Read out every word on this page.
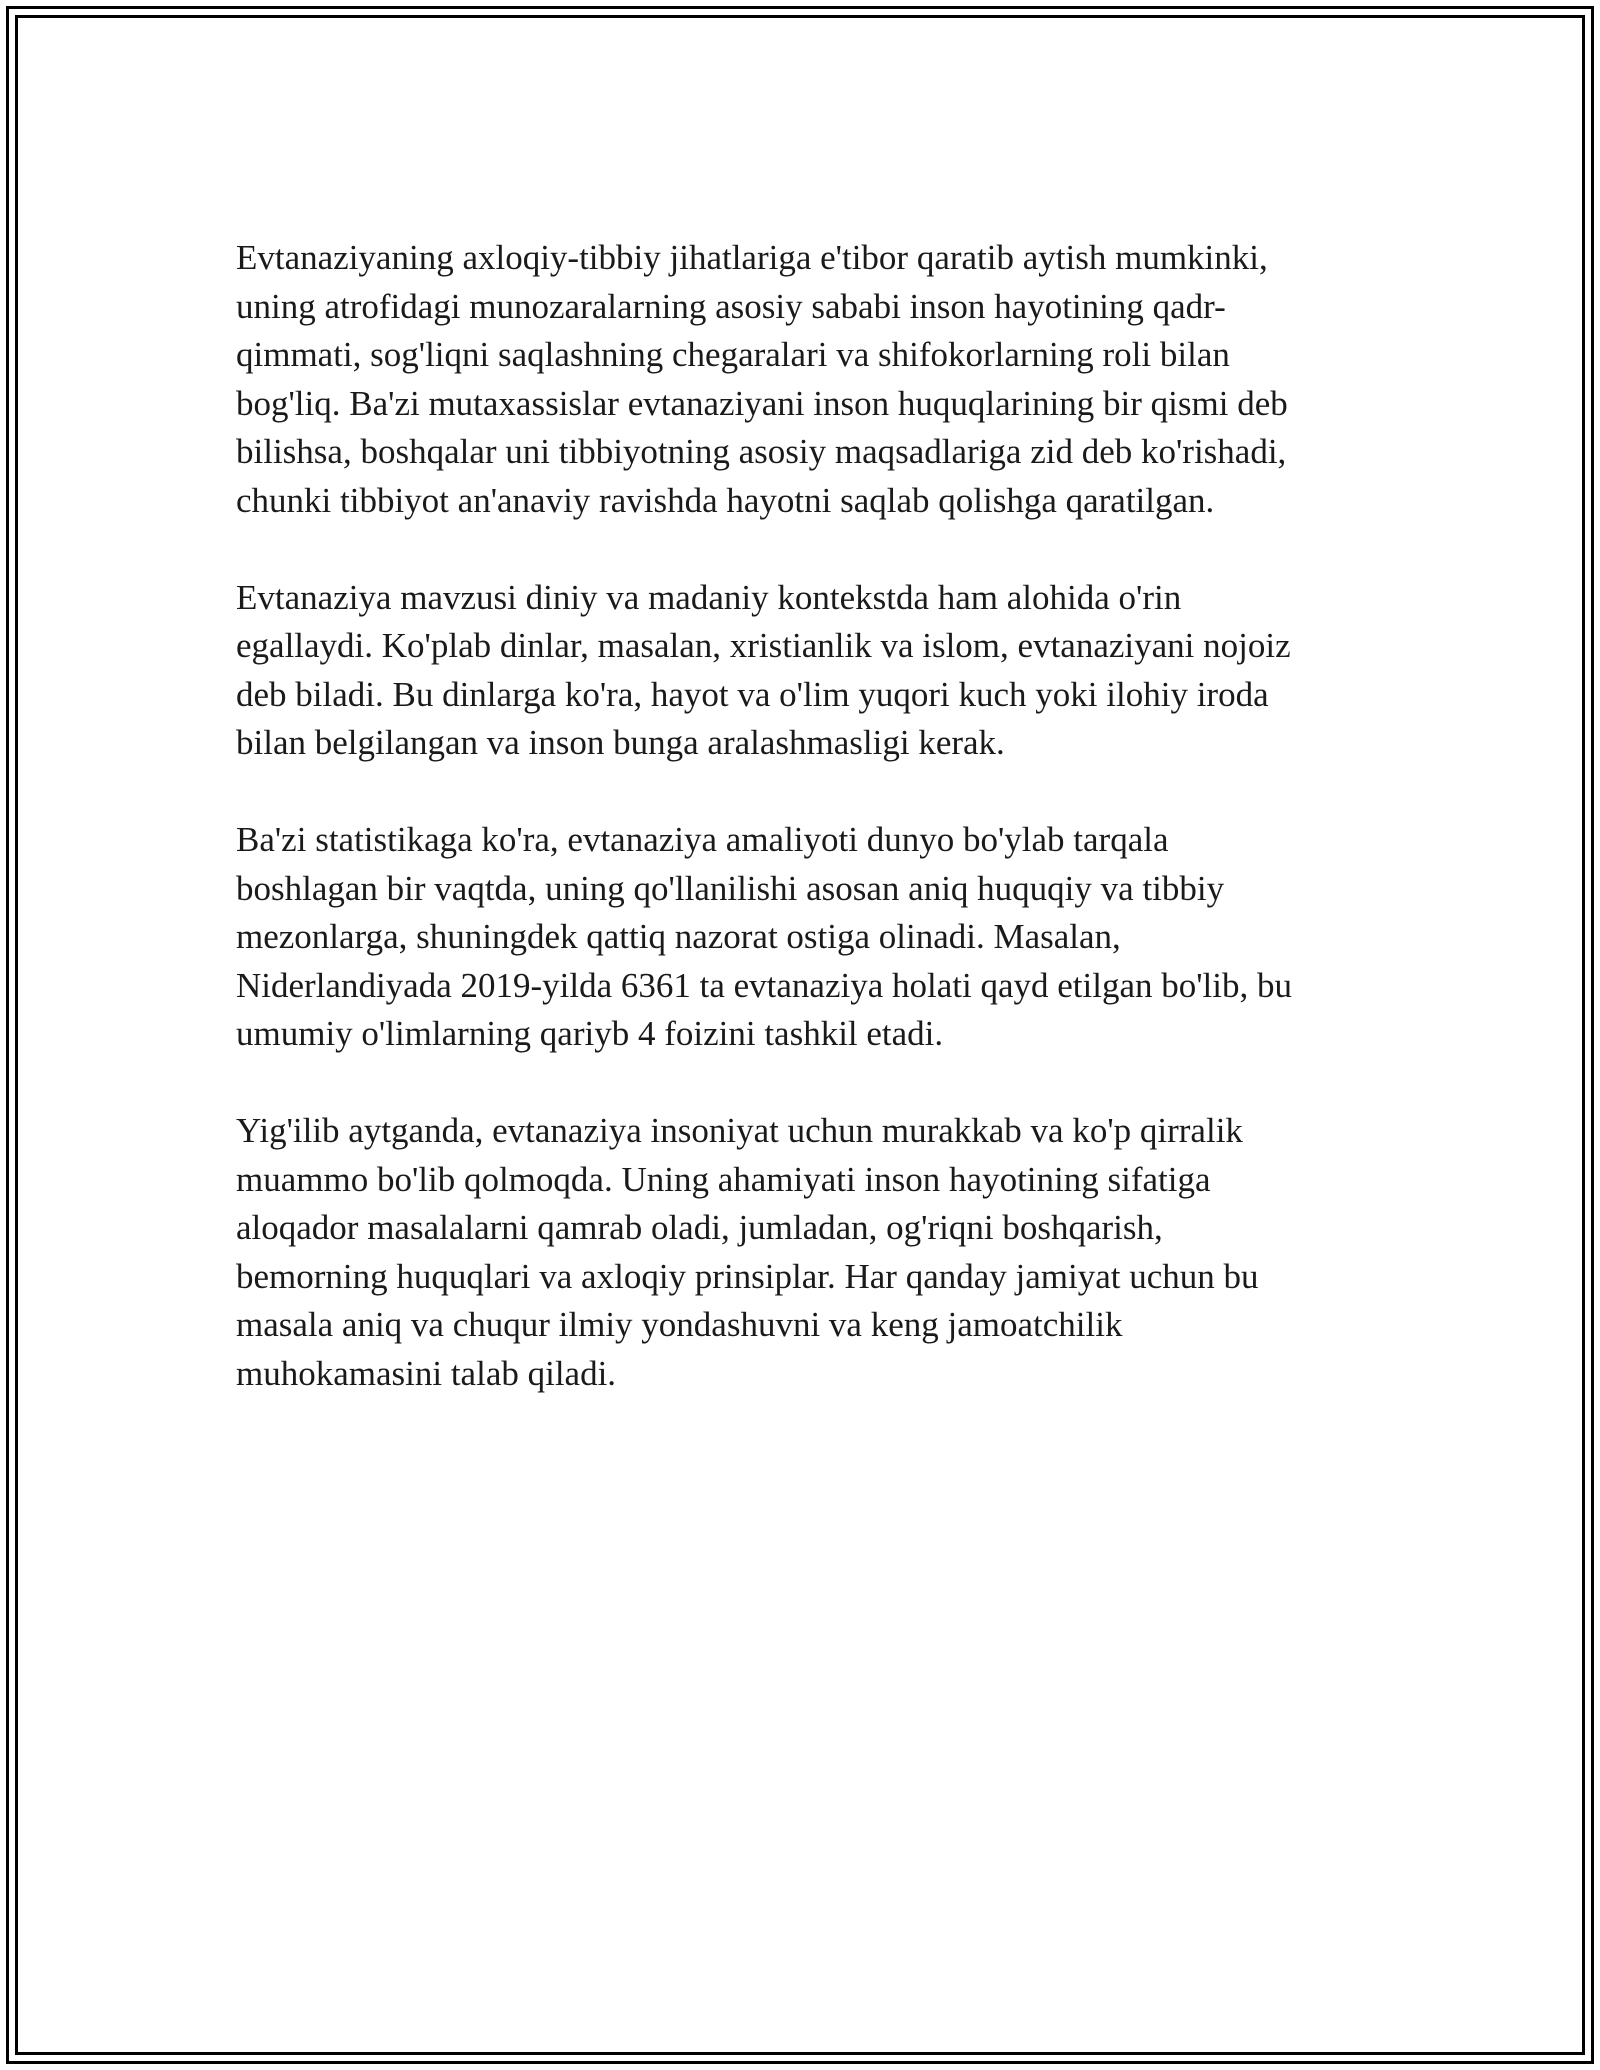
Evtanaziyaning axloqiy-tibbiy jihatlariga e'tibor qaratib aytish mumkinki,
uning atrofidagi munozaralarning asosiy sababi inson hayotining qadr-
qimmati, sog'liqni saqlashning chegaralari va shifokorlarning roli bilan
bog'liq. Ba'zi mutaxassislar evtanaziyani inson huquqlarining bir qismi deb
bilishsa, boshqalar uni tibbiyotning asosiy maqsadlariga zid deb ko'rishadi,
chunki tibbiyot an'anaviy ravishda hayotni saqlab qolishga qaratilgan.

Evtanaziya mavzusi diniy va madaniy kontekstda ham alohida o'rin
egallaydi. Ko'plab dinlar, masalan, xristianlik va islom, evtanaziyani nojoiz
deb biladi. Bu dinlarga ko'ra, hayot va o'lim yuqori kuch yoki ilohiy iroda
bilan belgilangan va inson bunga aralashmasligi kerak.

Ba'zi statistikaga ko'ra, evtanaziya amaliyoti dunyo bo'ylab tarqala
boshlagan bir vaqtda, uning qo'llanilishi asosan aniq huquqiy va tibbiy
mezonlarga, shuningdek qattiq nazorat ostiga olinadi. Masalan,
Niderlandiyada 2019-yilda 6361 ta evtanaziya holati qayd etilgan bo'lib, bu
umumiy o'limlarning qariyb 4 foizini tashkil etadi.

Yig'ilib aytganda, evtanaziya insoniyat uchun murakkab va ko'p qirralik
muammo bo'lib qolmoqda. Uning ahamiyati inson hayotining sifatiga
aloqador masalalarni qamrab oladi, jumladan, og'riqni boshqarish,
bemorning huquqlari va axloqiy prinsiplar. Har qanday jamiyat uchun bu
masala aniq va chuqur ilmiy yondashuvni va keng jamoatchilik
muhokamasini talab qiladi.
